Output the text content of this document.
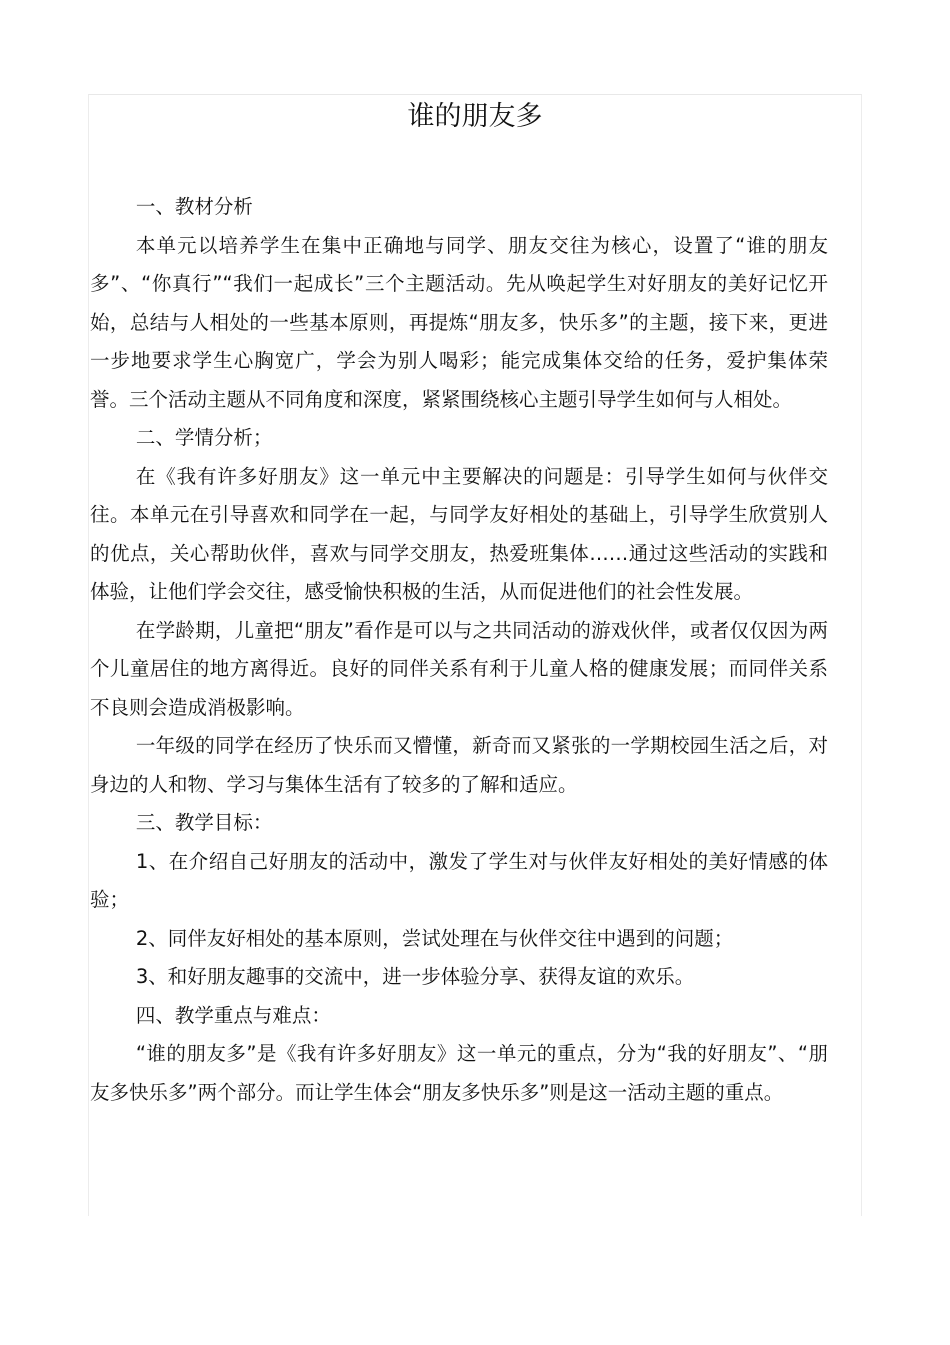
谁的朋友多

一、教材分析

本单元以培养学生在集中正确地与同学、朋友交往为核心，设置了“谁的朋友多”、“你真行”“我们一起成长”三个主题活动。先从唤起学生对好朋友的美好记忆开始，总结与人相处的一些基本原则，再提炼“朋友多，快乐多”的主题，接下来，更进一步地要求学生心胸宽广，学会为别人喝彩；能完成集体交给的任务，爱护集体荣誉。三个活动主题从不同角度和深度，紧紧围绕核心主题引导学生如何与人相处。

二、学情分析；

在《我有许多好朋友》这一单元中主要解决的问题是：引导学生如何与伙伴交往。本单元在引导喜欢和同学在一起，与同学友好相处的基础上，引导学生欣赏别人的优点，关心帮助伙伴，喜欢与同学交朋友，热爱班集体……通过这些活动的实践和体验，让他们学会交往，感受愉快积极的生活，从而促进他们的社会性发展。

在学龄期，儿童把“朋友”看作是可以与之共同活动的游戏伙伴，或者仅仅因为两个儿童居住的地方离得近。良好的同伴关系有利于儿童人格的健康发展；而同伴关系不良则会造成消极影响。

一年级的同学在经历了快乐而又懵懂，新奇而又紧张的一学期校园生活之后，对身边的人和物、学习与集体生活有了较多的了解和适应。

三、教学目标：

1、在介绍自己好朋友的活动中，激发了学生对与伙伴友好相处的美好情感的体验；

2、同伴友好相处的基本原则，尝试处理在与伙伴交往中遇到的问题；

3、和好朋友趣事的交流中，进一步体验分享、获得友谊的欢乐。

四、教学重点与难点：

“谁的朋友多”是《我有许多好朋友》这一单元的重点，分为“我的好朋友”、“朋友多快乐多”两个部分。而让学生体会“朋友多快乐多”则是这一活动主题的重点。
